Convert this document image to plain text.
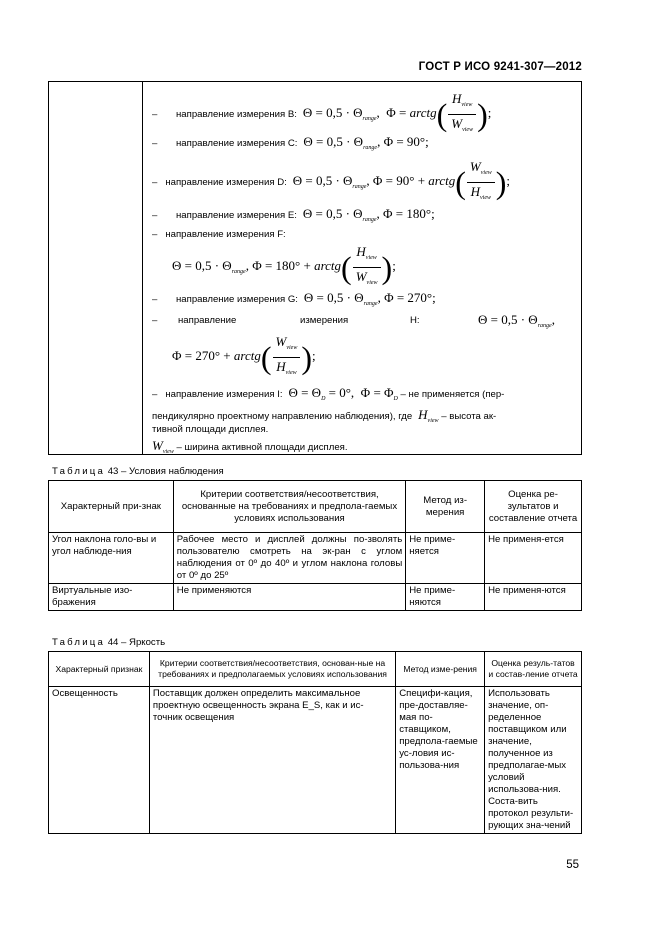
ГОСТ Р ИСО 9241-307—2012
–       направление измерения B:  $\Theta = 0,5 \cdot \Theta_{range}$,  Φ = arctg( $\frac{H_{view}}{W_{view}}$ );
–       направление измерения C:  $\Theta = 0,5 \cdot \Theta_{range}$, Φ = 90°;
–   направление измерения D:  $\Theta = 0,5 \cdot \Theta_{range}$, Φ = 90° + arctg( $\frac{W_{view}}{H_{view}}$ );
–       направление измерения E:  $\Theta = 0,5 \cdot \Theta_{range}$, Φ = 180°;
–   направление измерения F:
$\Theta = 0,5 \cdot \Theta_{range}$, Φ = 180° + arctg( $\frac{H_{view}}{W_{view}}$ );
–       направление измерения G:  $\Theta = 0,5 \cdot \Theta_{range}$, Φ = 270°;
– направление	измерения	H:	$\Theta = 0,5 \cdot \Theta_{range}$,
Φ = 270° + arctg( $\frac{W_{view}}{H_{view}}$ );
–   направление измерения I:  $\Theta = \Theta_D = 0^\circ$,  $\Phi = \Phi_D$ – не применяется (пер-
пендикулярно проектному направлению наблюдения), где  $H_{view}$ – высота ак-
тивной площади дисплея.
$W_{view}$ – ширина активной площади дисплея.
Таблица 43 – Условия наблюдения
Характерный при-знак	Критерии соответствия/несоответствия, основанные на требованиях и предпола-гаемых условиях использования	Метод из-мерения	Оценка ре-зультатов и составление отчета
Угол наклона голо-вы и угол наблюде-ния	Рабочее место и дисплей должны по-зволять пользователю смотреть на эк-ран с углом наблюдения от 0º до 40º и углом наклона головы от 0º до 25º	Не приме-няется	Не применя-ется
Виртуальные изо-бражения	Не применяются	Не приме-няются	Не применя-ются
Таблица 44 – Яркость
Характерный признак	Критерии соответствия/несоответствия, основан-ные на требованиях и предполагаемых условиях использования	Метод изме-рения	Оценка резуль-татов и состав-ление отчета
Освещенность	Поставщик должен определить максимальное проектную освещенность экрана E_S, как и ис-точник освещения	Специфи-кация, пре-доставляе-мая по-ставщиком, предпола-гаемые ус-ловия ис-пользова-ния	Использовать значение, оп-ределенное поставщиком или значение, полученное из предполагае-мых условий использова-ния. Соста-вить протокол результи-рующих зна-чений
55
